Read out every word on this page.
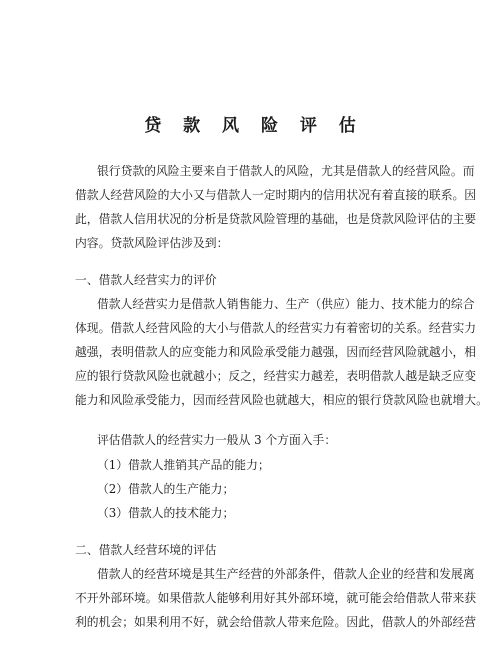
贷 款 风 险 评 估
银行贷款的风险主要来自于借款人的风险，尤其是借款人的经营风险。而
借款人经营风险的大小又与借款人一定时期内的信用状况有着直接的联系。因
此，借款人信用状况的分析是贷款风险管理的基础，也是贷款风险评估的主要
内容。贷款风险评估涉及到：
一、借款人经营实力的评价
借款人经营实力是借款人销售能力、生产（供应）能力、技术能力的综合
体现。借款人经营风险的大小与借款人的经营实力有着密切的关系。经营实力
越强，表明借款人的应变能力和风险承受能力越强，因而经营风险就越小，相
应的银行贷款风险也就越小；反之，经营实力越差，表明借款人越是缺乏应变
能力和风险承受能力，因而经营风险也就越大，相应的银行贷款风险也就增大。
评估借款人的经营实力一般从 3 个方面入手：
（1）借款人推销其产品的能力；
（2）借款人的生产能力；
（3）借款人的技术能力；
二、借款人经营环境的评估
借款人的经营环境是其生产经营的外部条件，借款人企业的经营和发展离
不开外部环境。如果借款人能够利用好其外部环境，就可能会给借款人带来获
利的机会；如果利用不好，就会给借款人带来危险。因此，借款人的外部经营
